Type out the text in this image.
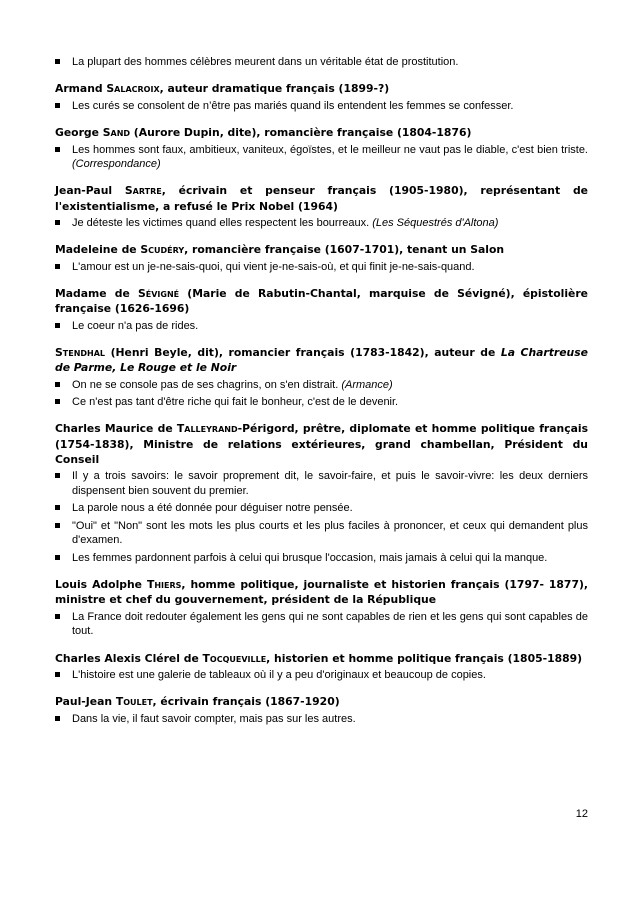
La plupart des hommes célèbres meurent dans un véritable état de prostitution.
Armand Salacroix, auteur dramatique français (1899-?)
Les curés se consolent de n’être pas mariés quand ils entendent les femmes se confesser.
George Sand (Aurore Dupin, dite), romancière française (1804-1876)
Les hommes sont faux, ambitieux, vaniteux, égoïstes, et le meilleur ne vaut pas le diable, c'est bien triste. (Correspondance)
Jean-Paul Sartre, écrivain et penseur français (1905-1980), représentant de l'existentialisme, a refusé le Prix Nobel (1964)
Je déteste les victimes quand elles respectent les bourreaux. (Les Séquestrés d'Altona)
Madeleine de Scudéry, romancière française (1607-1701), tenant un Salon
L'amour est un je-ne-sais-quoi, qui vient je-ne-sais-où, et qui finit je-ne-sais-quand.
Madame de Sévigné (Marie de Rabutin-Chantal, marquise de Sévigné), épistolière française (1626-1696)
Le coeur n'a pas de rides.
Stendhal (Henri Beyle, dit), romancier français (1783-1842), auteur de La Chartreuse de Parme, Le Rouge et le Noir
On ne se console pas de ses chagrins, on s'en distrait. (Armance)
Ce n'est pas tant d'être riche qui fait le bonheur, c'est de le devenir.
Charles Maurice de Talleyrand-Périgord, prêtre, diplomate et homme politique français (1754-1838), Ministre de relations extérieures, grand chambellan, Président du Conseil
Il y a trois savoirs: le savoir proprement dit, le savoir-faire, et puis le savoir-vivre: les deux derniers dispensent bien souvent du premier.
La parole nous a été donnée pour déguiser notre pensée.
"Oui" et "Non" sont les mots les plus courts et les plus faciles à prononcer, et ceux qui demandent plus d'examen.
Les femmes pardonnent parfois à celui qui brusque l'occasion, mais jamais à celui qui la manque.
Louis Adolphe Thiers, homme politique, journaliste et historien français (1797- 1877), ministre et chef du gouvernement, président de la République
La France doit redouter également les gens qui ne sont capables de rien et les gens qui sont capables de tout.
Charles Alexis Clérel de Tocqueville, historien et homme politique français (1805-1889)
L'histoire est une galerie de tableaux où il y a peu d'originaux et beaucoup de copies.
Paul-Jean Toulet, écrivain français (1867-1920)
Dans la vie, il faut savoir compter, mais pas sur les autres.
12
